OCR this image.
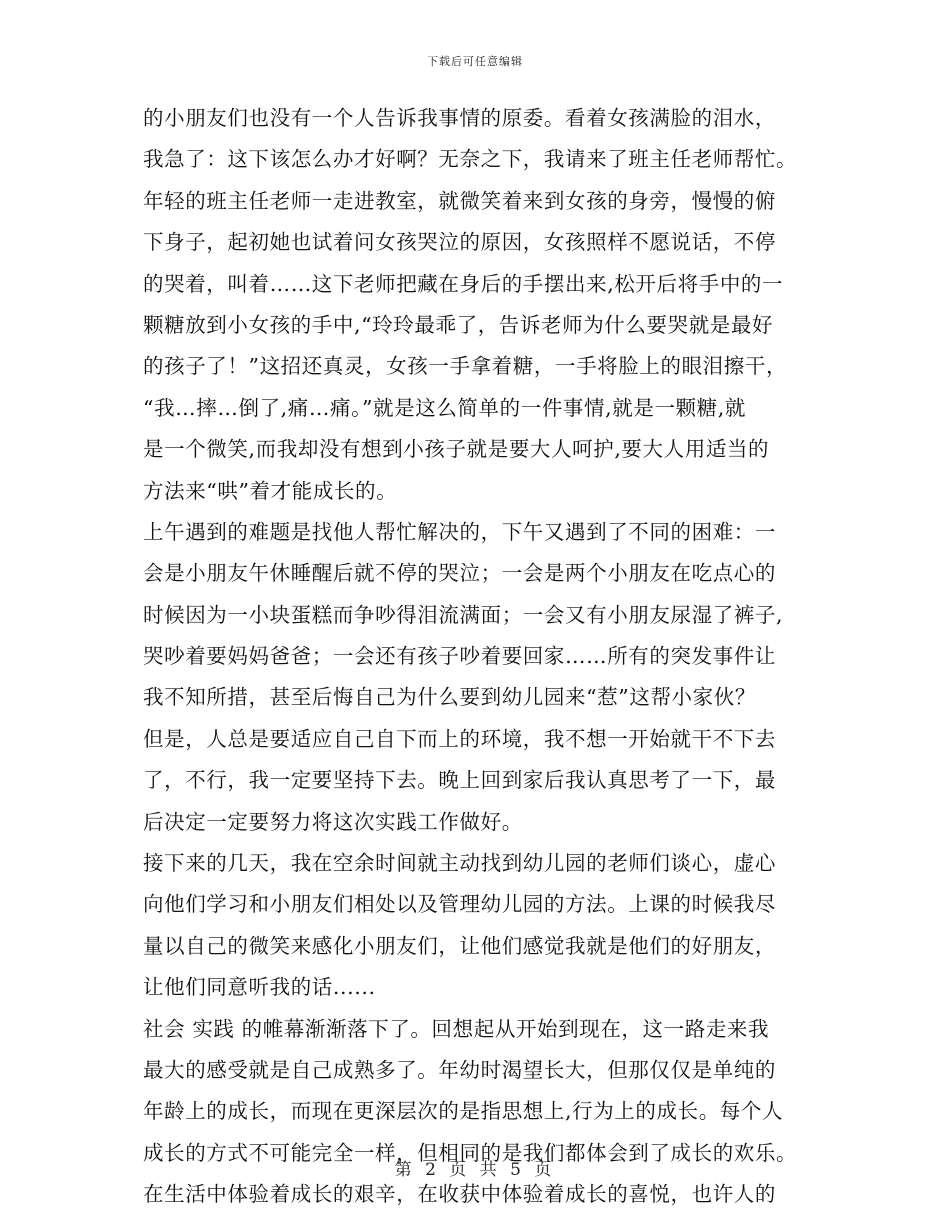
下载后可任意编辑
的小朋友们也没有一个人告诉我事情的原委。看着女孩满脸的泪水，
我急了：这下该怎么办才好啊？无奈之下，我请来了班主任老师帮忙。
年轻的班主任老师一走进教室，就微笑着来到女孩的身旁，慢慢的俯
下身子，起初她也试着问女孩哭泣的原因，女孩照样不愿说话，不停
的哭着，叫着……这下老师把藏在身后的手摆出来,松开后将手中的一
颗糖放到小女孩的手中,“玲玲最乖了，告诉老师为什么要哭就是最好
的孩子了！”这招还真灵，女孩一手拿着糖，一手将脸上的眼泪擦干，
“我…摔…倒了,痛…痛。”就是这么简单的一件事情,就是一颗糖,就
是一个微笑,而我却没有想到小孩子就是要大人呵护,要大人用适当的
方法来“哄”着才能成长的。
上午遇到的难题是找他人帮忙解决的，下午又遇到了不同的困难：一
会是小朋友午休睡醒后就不停的哭泣；一会是两个小朋友在吃点心的
时候因为一小块蛋糕而争吵得泪流满面；一会又有小朋友尿湿了裤子,
哭吵着要妈妈爸爸；一会还有孩子吵着要回家……所有的突发事件让
我不知所措，甚至后悔自己为什么要到幼儿园来“惹”这帮小家伙？
但是，人总是要适应自己自下而上的环境，我不想一开始就干不下去
了，不行，我一定要坚持下去。晚上回到家后我认真思考了一下，最
后决定一定要努力将这次实践工作做好。
接下来的几天，我在空余时间就主动找到幼儿园的老师们谈心，虚心
向他们学习和小朋友们相处以及管理幼儿园的方法。上课的时候我尽
量以自己的微笑来感化小朋友们，让他们感觉我就是他们的好朋友，
让他们同意听我的话......
社会 实践 的帷幕渐渐落下了。回想起从开始到现在，这一路走来我
最大的感受就是自己成熟多了。年幼时渴望长大，但那仅仅是单纯的
年龄上的成长，而现在更深层次的是指思想上,行为上的成长。每个人
成长的方式不可能完全一样，但相同的是我们都体会到了成长的欢乐。
在生活中体验着成长的艰辛，在收获中体验着成长的喜悦，也许人的
第 2 页 共 5 页
